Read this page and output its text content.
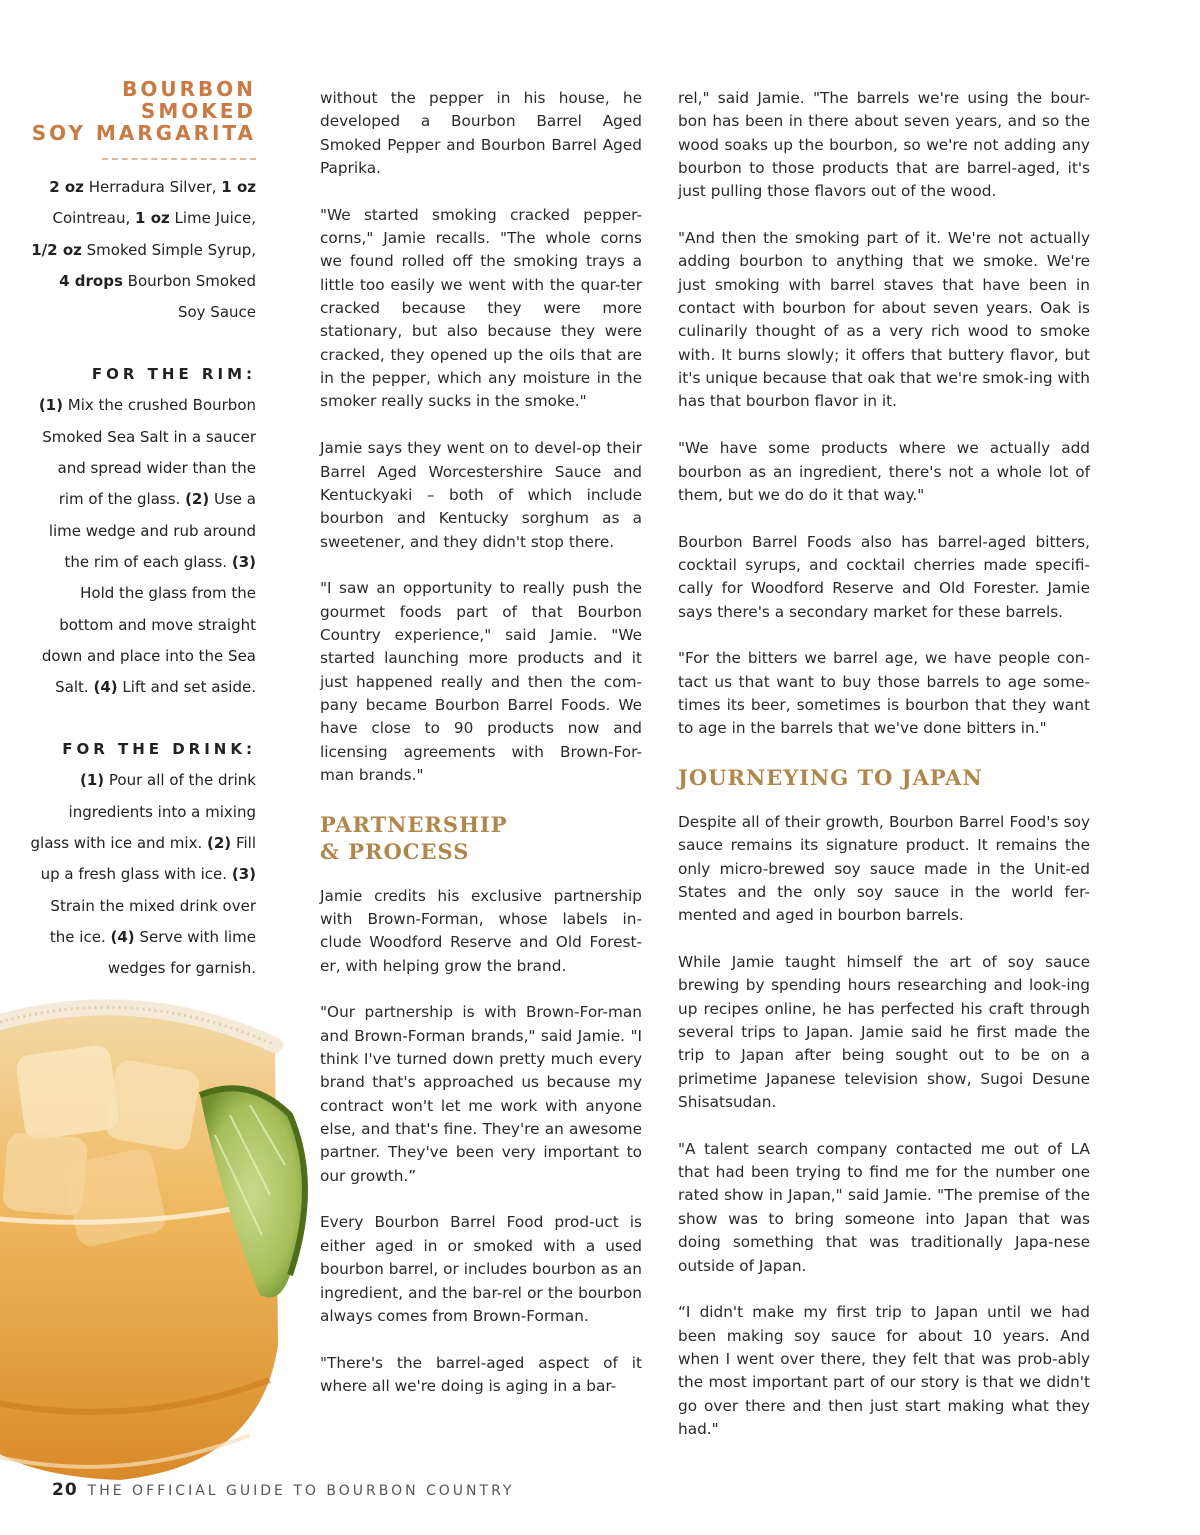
BOURBON
SMOKED
SOY MARGARITA
2 oz Herradura Silver, 1 oz
Cointreau, 1 oz Lime Juice, 1/2 oz Smoked Simple Syrup, 4 drops Bourbon Smoked Soy Sauce
FOR THE RIM:
(1) Mix the crushed Bourbon Smoked Sea Salt in a saucer and spread wider than the rim of the glass. (2) Use a lime wedge and rub around the rim of each glass. (3) Hold the glass from the bottom and move straight down and place into the Sea Salt. (4) Lift and set aside.
FOR THE DRINK:
(1) Pour all of the drink ingredients into a mixing glass with ice and mix. (2) Fill up a fresh glass with ice. (3) Strain the mixed drink over the ice. (4) Serve with lime wedges for garnish.

without the pepper in his house, he developed a Bourbon Barrel Aged Smoked Pepper and Bourbon Barrel Aged Paprika.

"We started smoking cracked pepper-corns," Jamie recalls. "The whole corns we found rolled off the smoking trays a little too easily we went with the quar-ter cracked because they were more stationary, but also because they were cracked, they opened up the oils that are in the pepper, which any moisture in the smoker really sucks in the smoke."

Jamie says they went on to devel-op their Barrel Aged Worcestershire Sauce and Kentuckyaki – both of which include bourbon and Kentucky sorghum as a sweetener, and they didn't stop there.

"I saw an opportunity to really push the gourmet foods part of that Bourbon Country experience," said Jamie. "We started launching more products and it just happened really and then the com-pany became Bourbon Barrel Foods. We have close to 90 products now and licensing agreements with Brown-For-man brands."

PARTNERSHIP
& PROCESS

Jamie credits his exclusive partnership with Brown-Forman, whose labels in-clude Woodford Reserve and Old Forest-er, with helping grow the brand.

"Our partnership is with Brown-For-man and Brown-Forman brands," said Jamie. "I think I've turned down pretty much every brand that's approached us because my contract won't let me work with anyone else, and that's fine. They're an awesome partner. They've been very important to our growth.”

Every Bourbon Barrel Food prod-uct is either aged in or smoked with a used bourbon barrel, or includes bourbon as an ingredient, and the bar-rel or the bourbon always comes from Brown-Forman.

"There's the barrel-aged aspect of it where all we're doing is aging in a bar-

rel," said Jamie. "The barrels we're using the bour-bon has been in there about seven years, and so the wood soaks up the bourbon, so we're not adding any bourbon to those products that are barrel-aged, it's just pulling those flavors out of the wood.

"And then the smoking part of it. We're not actually adding bourbon to anything that we smoke. We're just smoking with barrel staves that have been in contact with bourbon for about seven years. Oak is culinarily thought of as a very rich wood to smoke with. It burns slowly; it offers that buttery flavor, but it's unique because that oak that we're smok-ing with has that bourbon flavor in it.

"We have some products where we actually add bourbon as an ingredient, there's not a whole lot of them, but we do do it that way."

Bourbon Barrel Foods also has barrel-aged bitters, cocktail syrups, and cocktail cherries made specifi-cally for Woodford Reserve and Old Forester. Jamie says there's a secondary market for these barrels.

"For the bitters we barrel age, we have people con-tact us that want to buy those barrels to age some-times its beer, sometimes is bourbon that they want to age in the barrels that we've done bitters in."

JOURNEYING TO JAPAN

Despite all of their growth, Bourbon Barrel Food's soy sauce remains its signature product. It remains the only micro-brewed soy sauce made in the Unit-ed States and the only soy sauce in the world fer-mented and aged in bourbon barrels.

While Jamie taught himself the art of soy sauce brewing by spending hours researching and look-ing up recipes online, he has perfected his craft through several trips to Japan. Jamie said he first made the trip to Japan after being sought out to be on a primetime Japanese television show, Sugoi Desune Shisatsudan.

"A talent search company contacted me out of LA that had been trying to find me for the number one rated show in Japan," said Jamie. "The premise of the show was to bring someone into Japan that was doing something that was traditionally Japa-nese outside of Japan.

“I didn't make my first trip to Japan until we had been making soy sauce for about 10 years. And when I went over there, they felt that was prob-ably the most important part of our story is that we didn't go over there and then just start making what they had."

20 THE OFFICIAL GUIDE TO BOURBON COUNTRY
